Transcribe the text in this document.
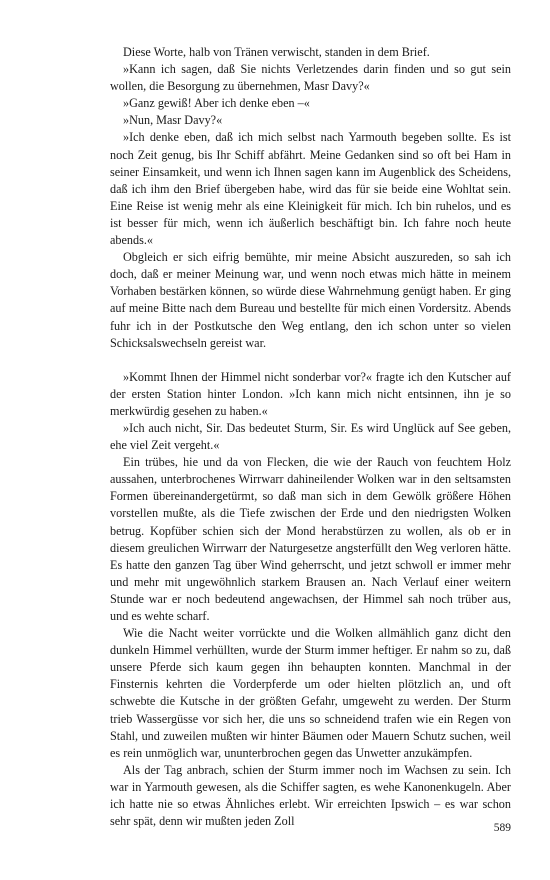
Diese Worte, halb von Tränen verwischt, standen in dem Brief.

»Kann ich sagen, daß Sie nichts Verletzendes darin finden und so gut sein wollen, die Besorgung zu übernehmen, Masr Davy?«

»Ganz gewiß! Aber ich denke eben –«

»Nun, Masr Davy?«

»Ich denke eben, daß ich mich selbst nach Yarmouth begeben sollte. Es ist noch Zeit genug, bis Ihr Schiff abfährt. Meine Gedanken sind so oft bei Ham in seiner Einsamkeit, und wenn ich Ihnen sagen kann im Augenblick des Scheidens, daß ich ihm den Brief übergeben habe, wird das für sie beide eine Wohltat sein. Eine Reise ist wenig mehr als eine Kleinigkeit für mich. Ich bin ruhelos, und es ist besser für mich, wenn ich äußerlich beschäftigt bin. Ich fahre noch heute abends.«

Obgleich er sich eifrig bemühte, mir meine Absicht auszureden, so sah ich doch, daß er meiner Meinung war, und wenn noch etwas mich hätte in meinem Vorhaben bestärken können, so würde diese Wahrnehmung genügt haben. Er ging auf meine Bitte nach dem Bureau und bestellte für mich einen Vordersitz. Abends fuhr ich in der Postkutsche den Weg entlang, den ich schon unter so vielen Schicksalswechseln gereist war.

»Kommt Ihnen der Himmel nicht sonderbar vor?« fragte ich den Kutscher auf der ersten Station hinter London. »Ich kann mich nicht entsinnen, ihn je so merkwürdig gesehen zu haben.«

»Ich auch nicht, Sir. Das bedeutet Sturm, Sir. Es wird Unglück auf See geben, ehe viel Zeit vergeht.«

Ein trübes, hie und da von Flecken, die wie der Rauch von feuchtem Holz aussahen, unterbrochenes Wirrwarr dahineilender Wolken war in den seltsamsten Formen übereinandergetürmt, so daß man sich in dem Gewölk größere Höhen vorstellen mußte, als die Tiefe zwischen der Erde und den niedrigsten Wolken betrug. Kopfüber schien sich der Mond herabstürzen zu wollen, als ob er in diesem greulichen Wirrwarr der Naturgesetze angsterfüllt den Weg verloren hätte. Es hatte den ganzen Tag über Wind geherrscht, und jetzt schwoll er immer mehr und mehr mit ungewöhnlich starkem Brausen an. Nach Verlauf einer weitern Stunde war er noch bedeutend angewachsen, der Himmel sah noch trüber aus, und es wehte scharf.

Wie die Nacht weiter vorrückte und die Wolken allmählich ganz dicht den dunkeln Himmel verhüllten, wurde der Sturm immer heftiger. Er nahm so zu, daß unsere Pferde sich kaum gegen ihn behaupten konnten. Manchmal in der Finsternis kehrten die Vorderpferde um oder hielten plötzlich an, und oft schwebte die Kutsche in der größten Gefahr, umgeweht zu werden. Der Sturm trieb Wassergüsse vor sich her, die uns so schneidend trafen wie ein Regen von Stahl, und zuweilen mußten wir hinter Bäumen oder Mauern Schutz suchen, weil es rein unmöglich war, ununterbrochen gegen das Unwetter anzukämpfen.

Als der Tag anbrach, schien der Sturm immer noch im Wachsen zu sein. Ich war in Yarmouth gewesen, als die Schiffer sagten, es wehe Kanonenkugeln. Aber ich hatte nie so etwas Ähnliches erlebt. Wir erreichten Ipswich – es war schon sehr spät, denn wir mußten jeden Zoll	589
